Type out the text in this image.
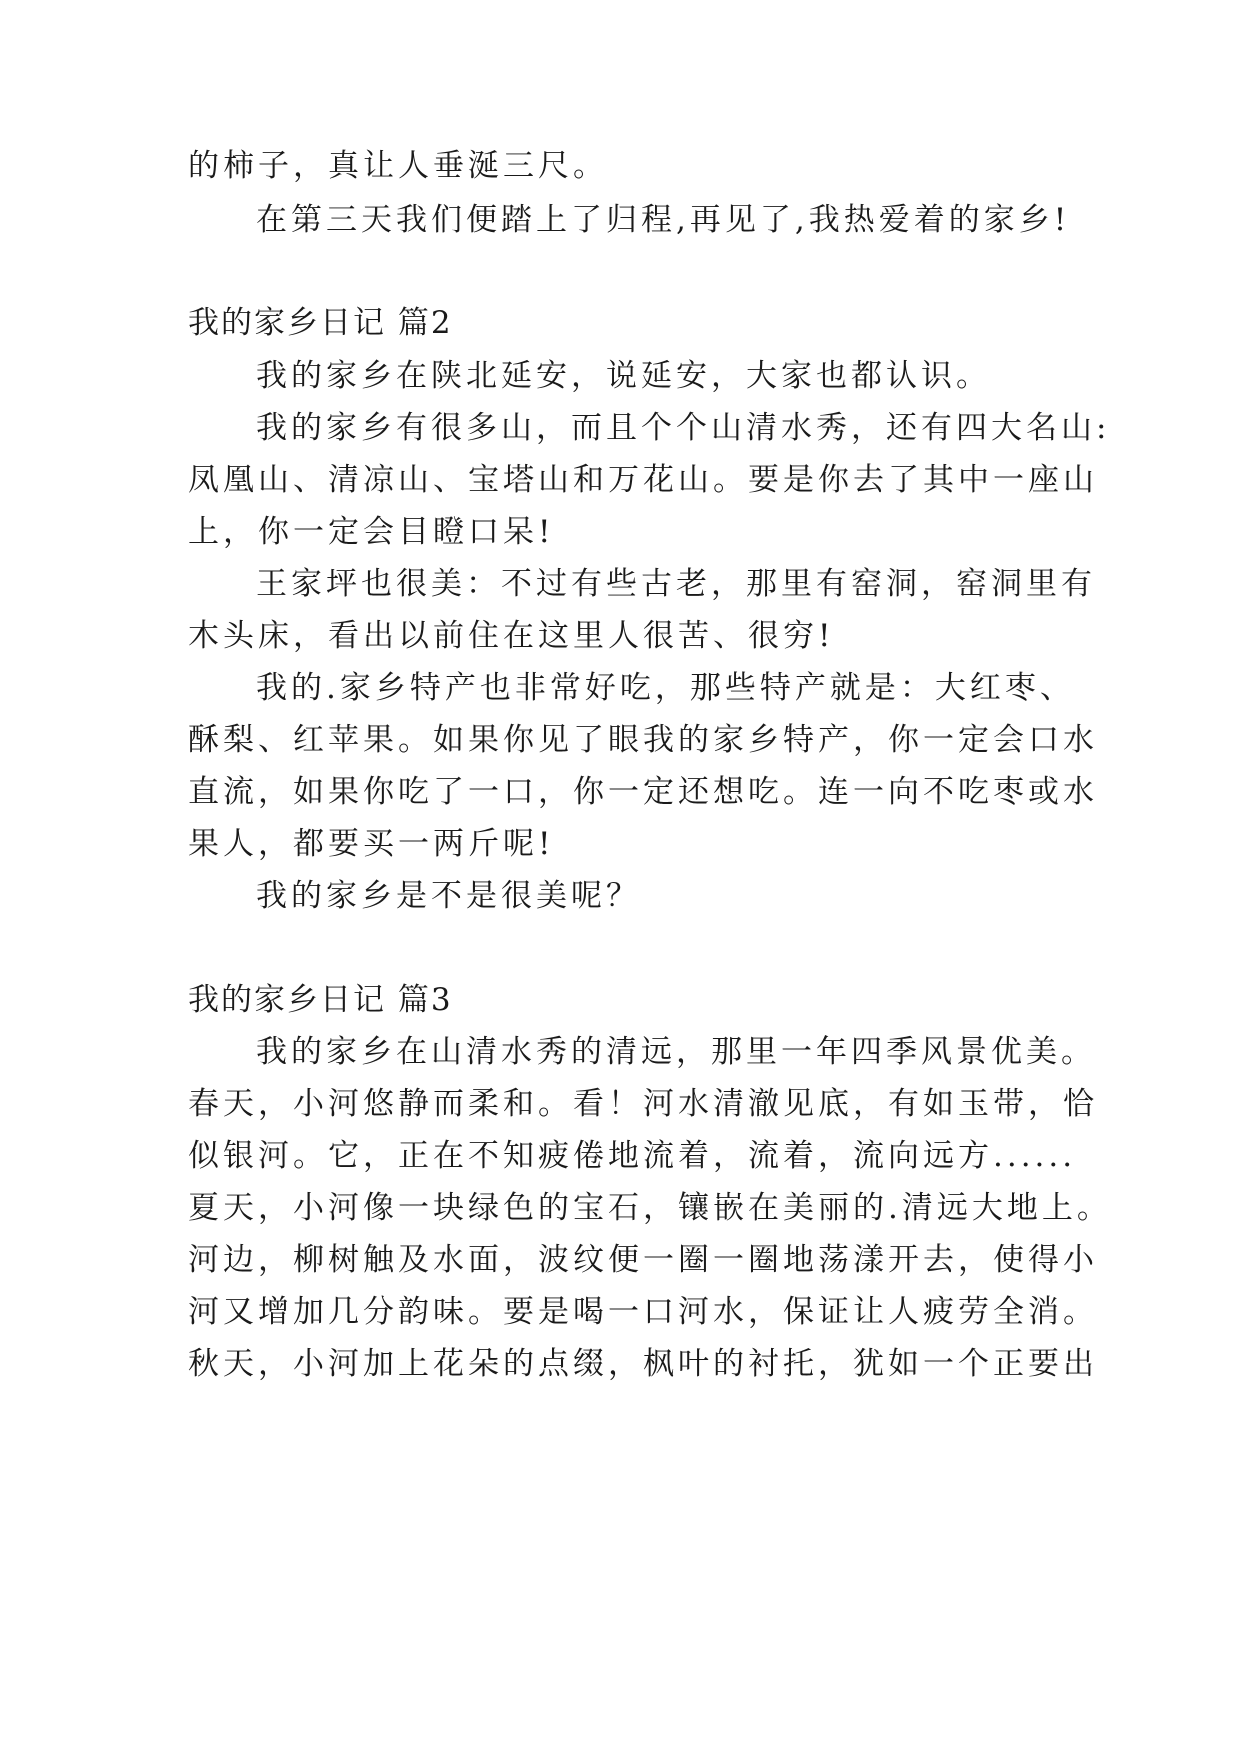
的柿子，真让人垂涎三尺。
在第三天我们便踏上了归程,再见了,我热爱着的家乡!
我的家乡日记 篇2
我的家乡在陕北延安，说延安，大家也都认识。
我的家乡有很多山，而且个个山清水秀，还有四大名山:
凤凰山、清凉山、宝塔山和万花山。要是你去了其中一座山
上，你一定会目瞪口呆!
王家坪也很美：不过有些古老，那里有窑洞，窑洞里有
木头床，看出以前住在这里人很苦、很穷!
我的.家乡特产也非常好吃，那些特产就是：大红枣、
酥梨、红苹果。如果你见了眼我的家乡特产，你一定会口水
直流，如果你吃了一口，你一定还想吃。连一向不吃枣或水
果人，都要买一两斤呢!
我的家乡是不是很美呢？
我的家乡日记 篇3
我的家乡在山清水秀的清远，那里一年四季风景优美。
春天，小河悠静而柔和。看！河水清澈见底，有如玉带，恰
似银河。它，正在不知疲倦地流着，流着，流向远方......
夏天，小河像一块绿色的宝石，镶嵌在美丽的.清远大地上。
河边，柳树触及水面，波纹便一圈一圈地荡漾开去，使得小
河又增加几分韵味。要是喝一口河水，保证让人疲劳全消。
秋天，小河加上花朵的点缀，枫叶的衬托，犹如一个正要出
